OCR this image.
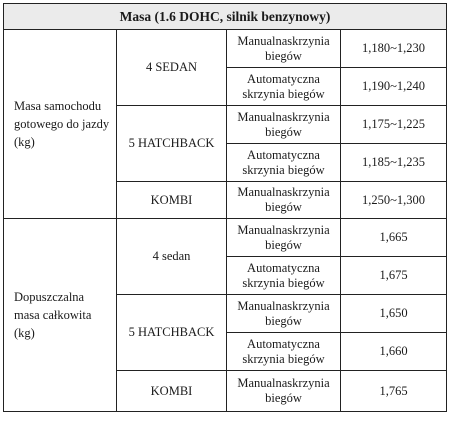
Masa (1.6 DOHC, silnik benzynowy)			
Masa samochodu gotowego do jazdy (kg)	4 SEDAN	Manualnaskrzynia biegów	1,180~1,230
		Automatyczna skrzynia biegów	1,190~1,240
	5 HATCHBACK	Manualnaskrzynia biegów	1,175~1,225
		Automatyczna skrzynia biegów	1,185~1,235
	KOMBI	Manualnaskrzynia biegów	1,250~1,300
Dopuszczalna masa całkowita (kg)	4 sedan	Manualnaskrzynia biegów	1,665
		Automatyczna skrzynia biegów	1,675
	5 HATCHBACK	Manualnaskrzynia biegów	1,650
		Automatyczna skrzynia biegów	1,660
	KOMBI	Manualnaskrzynia biegów	1,765
